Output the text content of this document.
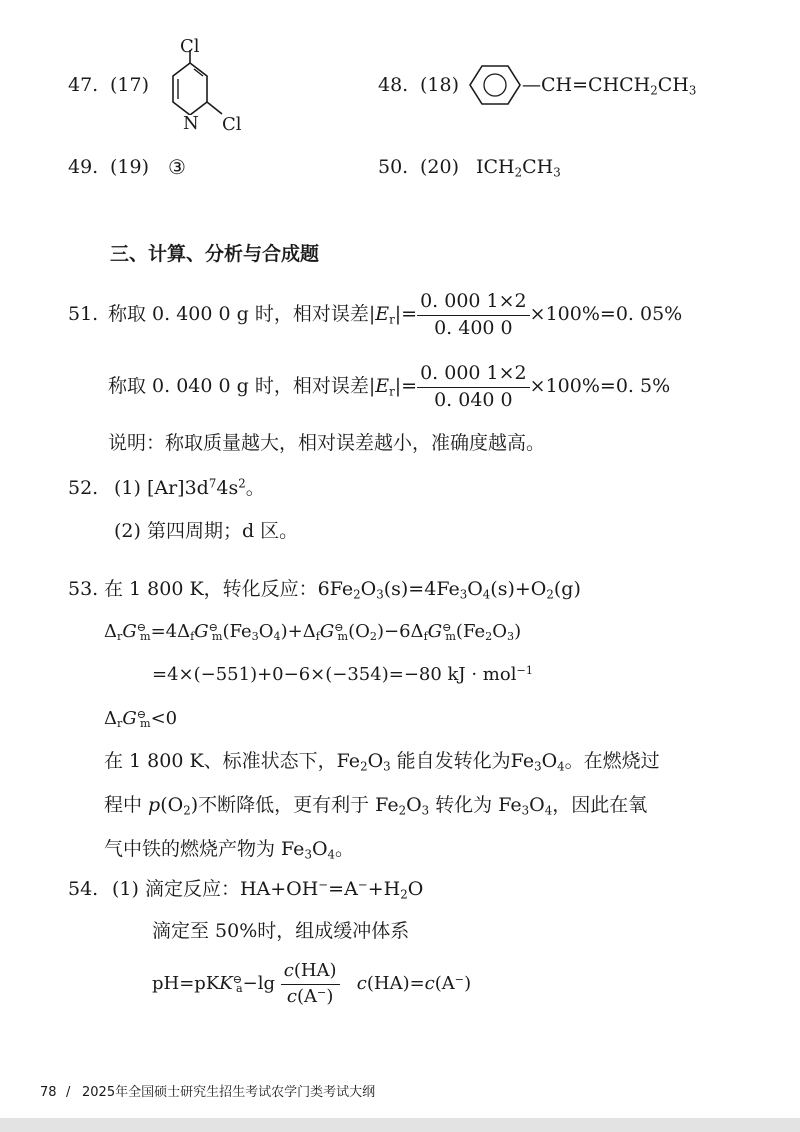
47. (17)
Cl
N Cl
48. (18)	$—CH=CHCH_2CH_3$
49. (19) ③	50. (20) $ICH_2CH_3$
三、计算、分析与合成题
51. 称取 0. 400 0 g 时，相对误差$|E_r|= \frac{0. 000 1\times 2}{0. 400 0} \times 100\%=0$. 05%
称取 0. 040 0 g 时，相对误差$|E_r|= \frac{0. 000 1\times 2}{0. 040 0} \times 100\%=0$. 5%
说明：称取质量越大，相对误差越小，准确度越高。
52. (1) $[Ar]3d^74s^2$。
(2) 第四周期；d 区。
53. 在 1 800 K，转化反应：$6Fe_2O_3(s)=4Fe_3O_4(s)+O_2(g)$
$\Delta_rG^⊖_m=4\Delta_fG^⊖_m(Fe_3O_4)+\Delta_fG^⊖_m(O_2)-6\Delta_fG^⊖_m(Fe_2O_3)$
=4×(−551)+0−6×(−354)=−80 kJ · mol$^{-1}$
$\Delta_rG^⊖_m<0$
在 1 800 K、标准状态下，$Fe_2O_3$ 能自发转化为$Fe_3O_4$。在燃烧过
程中 $p(O_2)$不断降低，更有利于 $Fe_2O_3$ 转化为 $Fe_3O_4$，因此在氧
气中铁的燃烧产物为 $Fe_3O_4$。
54. (1) 滴定反应：$HA+OH^-=A^-+H_2O$
滴定至 50%时，组成缓冲体系
$pH=pKK^⊖_a-\lg \frac{c(HA)}{c(A^-)} c(HA)=c(A^-)$
78 / 2025年全国硕士研究生招生考试农学门类考试大纲
